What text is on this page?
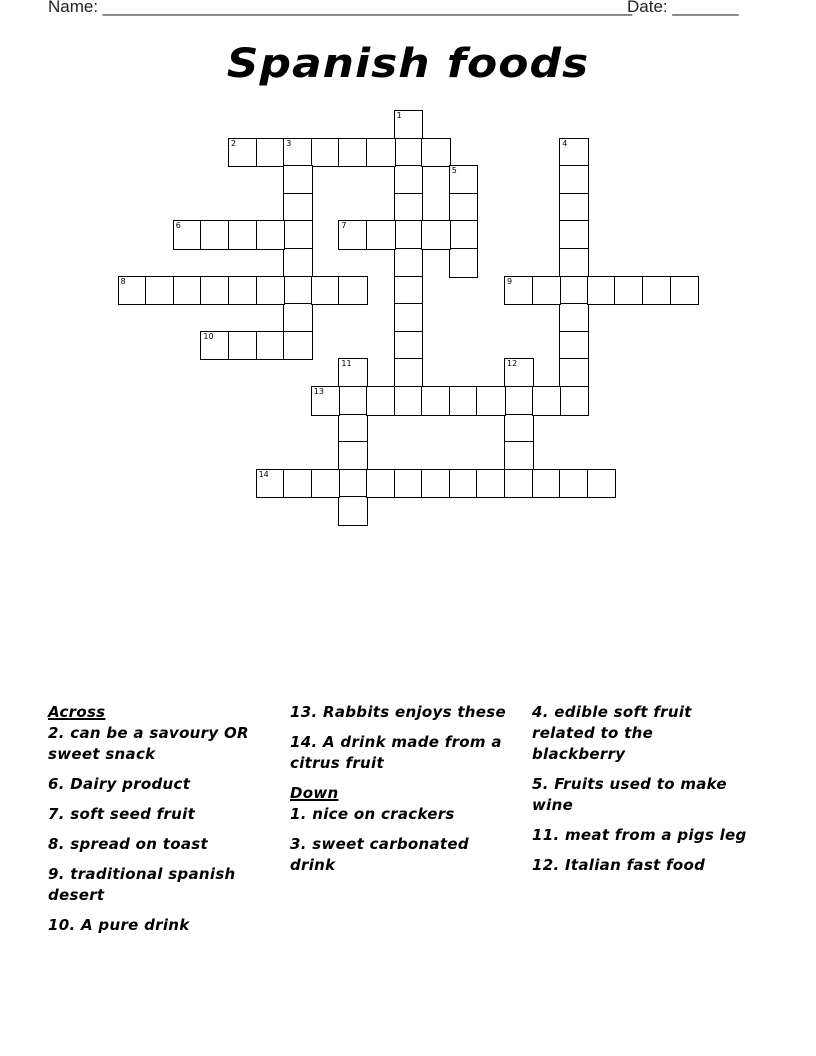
Name: ________________________________________________________
Date: _______
Spanish foods
1
2	3	4
5
6	7
8	9
10
11	12
13
14
Across
2. can be a savoury OR sweet snack
6. Dairy product
7. soft seed fruit
8. spread on toast
9. traditional spanish desert
10. A pure drink
13. Rabbits enjoys these
14. A drink made from a citrus fruit
Down
1. nice on crackers
3. sweet carbonated drink
4. edible soft fruit related to the blackberry
5. Fruits used to make wine
11. meat from a pigs leg
12. Italian fast food
